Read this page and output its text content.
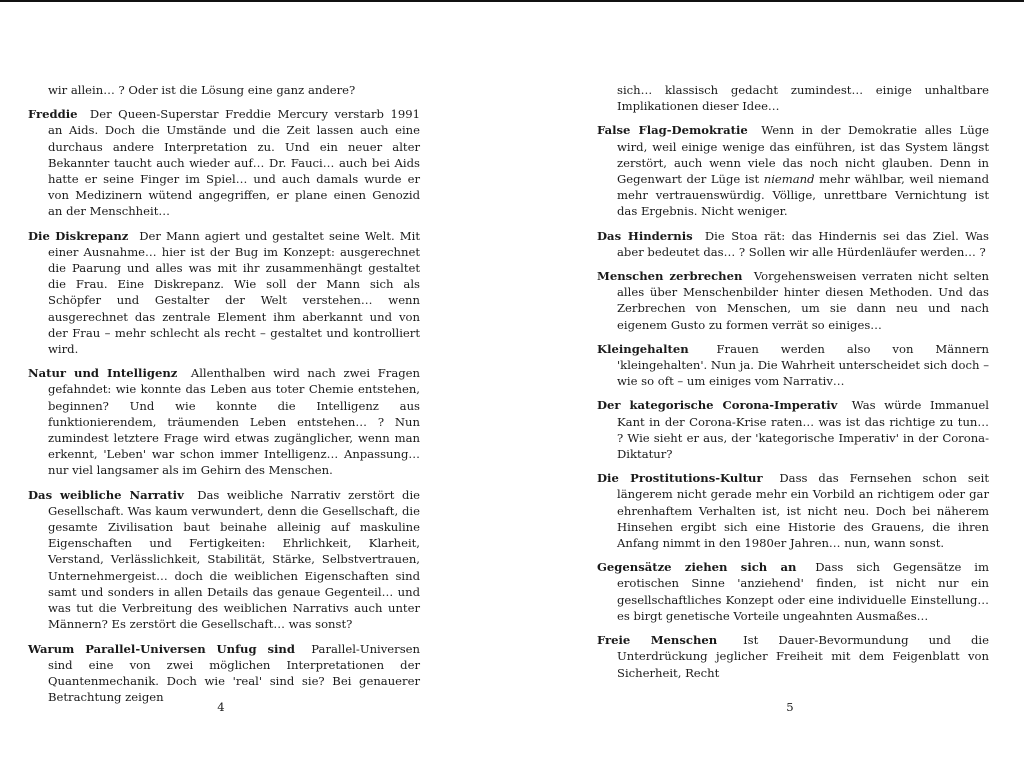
wir allein… ? Oder ist die Lösung eine ganz andere?

Freddie  Der Queen-Superstar Freddie Mercury verstarb 1991 an Aids. Doch die Umstände und die Zeit lassen auch eine durchaus andere Interpretation zu. Und ein neuer alter Bekannter taucht auch wieder auf… Dr. Fauci… auch bei Aids hatte er seine Finger im Spiel… und auch damals wurde er von Medizinern wütend angegriffen, er plane einen Genozid an der Menschheit…
Die Diskrepanz  Der Mann agiert und gestaltet seine Welt. Mit einer Ausnahme… hier ist der Bug im Konzept: ausgerechnet die Paarung und alles was mit ihr zusammenhängt gestaltet die Frau. Eine Diskrepanz. Wie soll der Mann sich als Schöpfer und Gestalter der Welt verstehen… wenn ausgerechnet das zentrale Element ihm aberkannt und von der Frau – mehr schlecht als recht – gestaltet und kontrolliert wird.
Natur und Intelligenz  Allenthalben wird nach zwei Fragen gefahndet: wie konnte das Leben aus toter Chemie entstehen, beginnen? Und wie konnte die Intelligenz aus funktionierendem, träumenden Leben entstehen… ? Nun zumindest letztere Frage wird etwas zugänglicher, wenn man erkennt, 'Leben' war schon immer Intelligenz… Anpassung… nur viel langsamer als im Gehirn des Menschen.
Das weibliche Narrativ  Das weibliche Narrativ zerstört die Gesellschaft. Was kaum verwundert, denn die Gesellschaft, die gesamte Zivilisation baut beinahe alleinig auf maskuline Eigenschaften und Fertigkeiten: Ehrlichkeit, Klarheit, Verstand, Verlässlichkeit, Stabilität, Stärke, Selbstvertrauen, Unternehmergeist… doch die weiblichen Eigenschaften sind samt und sonders in allen Details das genaue Gegenteil… und was tut die Verbreitung des weiblichen Narrativs auch unter Männern? Es zerstört die Gesellschaft… was sonst?
Warum Parallel-Universen Unfug sind  Parallel-Universen sind eine von zwei möglichen Interpretationen der Quantenmechanik. Doch wie 'real' sind sie? Bei genauerer Betrachtung zeigen
4

sich… klassisch gedacht zumindest… einige unhaltbare Implikationen dieser Idee…

False Flag-Demokratie  Wenn in der Demokratie alles Lüge wird, weil einige wenige das einführen, ist das System längst zerstört, auch wenn viele das noch nicht glauben. Denn in Gegenwart der Lüge ist niemand mehr wählbar, weil niemand mehr vertrauenswürdig. Völlige, unrettbare Vernichtung ist das Ergebnis. Nicht weniger.
Das Hindernis  Die Stoa rät: das Hindernis sei das Ziel. Was aber bedeutet das… ? Sollen wir alle Hürdenläufer werden… ?
Menschen zerbrechen  Vorgehensweisen verraten nicht selten alles über Menschenbilder hinter diesen Methoden. Und das Zerbrechen von Menschen, um sie dann neu und nach eigenem Gusto zu formen verrät so einiges…
Kleingehalten  Frauen werden also von Männern 'kleingehalten'. Nun ja. Die Wahrheit unterscheidet sich doch – wie so oft – um einiges vom Narrativ…
Der kategorische Corona-Imperativ  Was würde Immanuel Kant in der Corona-Krise raten… was ist das richtige zu tun… ? Wie sieht er aus, der 'kategorische Imperativ' in der Corona-Diktatur?
Die Prostitutions-Kultur  Dass das Fernsehen schon seit längerem nicht gerade mehr ein Vorbild an richtigem oder gar ehrenhaftem Verhalten ist, ist nicht neu. Doch bei näherem Hinsehen ergibt sich eine Historie des Grauens, die ihren Anfang nimmt in den 1980er Jahren… nun, wann sonst.
Gegensätze ziehen sich an  Dass sich Gegensätze im erotischen Sinne 'anziehend' finden, ist nicht nur ein gesellschaftliches Konzept oder eine individuelle Einstellung… es birgt genetische Vorteile ungeahnten Ausmaßes…
Freie Menschen  Ist Dauer-Bevormundung und die Unterdrückung jeglicher Freiheit mit dem Feigenblatt von Sicherheit, Recht
5
